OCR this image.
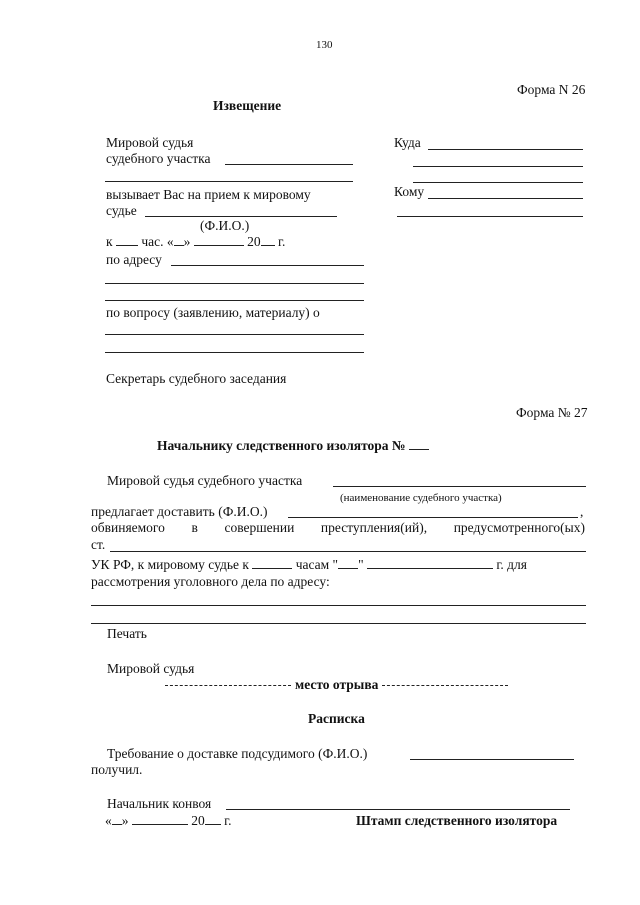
130
Форма N 26
Извещение
Мировой судья
судебного участка
вызывает Вас на прием к мировому
судье
(Ф.И.О.)
к час. « »	20 г.
по адресу
по вопросу (заявлению, материалу) о
Секретарь судебного заседания
Куда
Кому
Форма № 27
Начальнику следственного изолятора №
Мировой судья судебного участка
(наименование судебного участка)
предлагает доставить (Ф.И.О.)	,
обвиняемого в совершении преступления(ий), предусмотренного(ых)
ст.
УК РФ, к мировому судье к	часам " "	г. для
рассмотрения уголовного дела по адресу:
Печать
Мировой судья
место отрыва
Расписка
Требование о доставке подсудимого (Ф.И.О.)
получил.
Начальник конвоя
« »	20 г.	Штамп следственного изолятора
